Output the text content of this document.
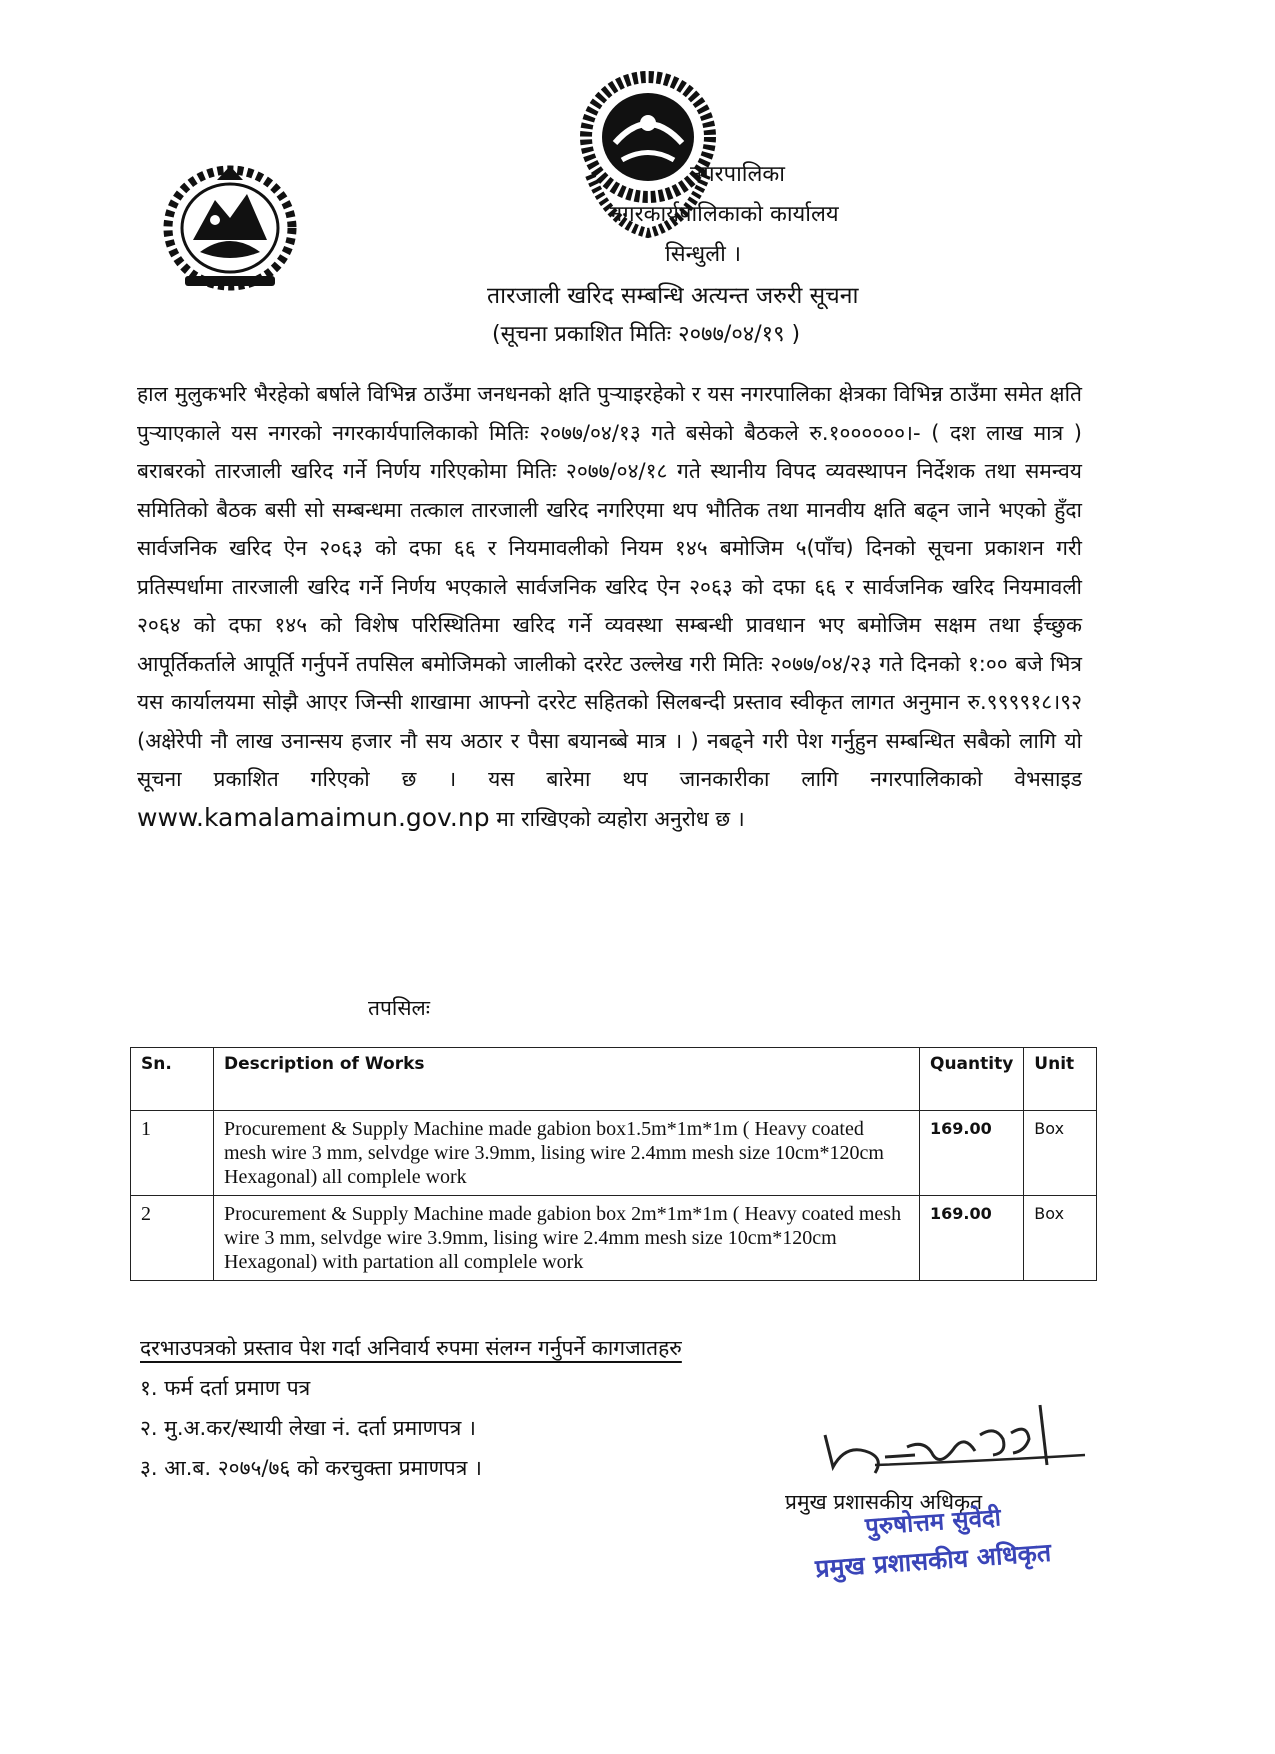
नगरपालिका
नगरकार्यपालिकाको कार्यालय
सिन्धुली ।
तारजाली खरिद सम्बन्धि अत्यन्त जरुरी सूचना
(सूचना प्रकाशित मितिः २०७७/०४/१९ )
हाल मुलुकभरि भैरहेको बर्षाले विभिन्न ठाउँमा जनधनको क्षति पुऱ्याइरहेको र यस नगरपालिका क्षेत्रका विभिन्न ठाउँमा समेत क्षति पुऱ्याएकाले यस नगरको नगरकार्यपालिकाको मितिः २०७७/०४/१३ गते बसेको बैठकले रु.१००००००।- ( दश लाख मात्र ) बराबरको तारजाली खरिद गर्ने निर्णय गरिएकोमा मितिः २०७७/०४/१८ गते स्थानीय विपद व्यवस्थापन निर्देशक तथा समन्वय समितिको बैठक बसी सो सम्बन्धमा तत्काल तारजाली खरिद नगरिएमा थप भौतिक तथा मानवीय क्षति बढ्न जाने भएको हुँदा सार्वजनिक खरिद ऐन २०६३ को दफा ६६ र नियमावलीको नियम १४५ बमोजिम ५(पाँच) दिनको सूचना प्रकाशन गरी प्रतिस्पर्धामा तारजाली खरिद गर्ने निर्णय भएकाले सार्वजनिक खरिद ऐन २०६३ को दफा ६६ र सार्वजनिक खरिद नियमावली २०६४ को दफा १४५ को विशेष परिस्थितिमा खरिद गर्ने व्यवस्था सम्बन्धी प्रावधान भए बमोजिम सक्षम तथा ईच्छुक आपूर्तिकर्ताले आपूर्ति गर्नुपर्ने तपसिल बमोजिमको जालीको दररेट उल्लेख गरी मितिः २०७७/०४/२३ गते दिनको १:०० बजे भित्र यस कार्यालयमा सोझै आएर जिन्सी शाखामा आफ्नो दररेट सहितको सिलबन्दी प्रस्ताव स्वीकृत लागत अनुमान रु.९९९९१८।९२ (अक्षेरेपी नौ लाख उनान्सय हजार नौ सय अठार र पैसा बयानब्बे मात्र । ) नबढ्ने गरी पेश गर्नुहुन सम्बन्धित सबैको लागि यो सूचना प्रकाशित गरिएको छ । यस बारेमा थप जानकारीका लागि नगरपालिकाको वेभसाइड www.kamalamaimun.gov.np मा राखिएको व्यहोरा अनुरोध छ ।
तपसिलः
Sn.	Description of Works	Quantity	Unit
1	Procurement & Supply Machine made gabion box1.5m*1m*1m ( Heavy coated mesh wire 3 mm, selvdge wire 3.9mm, lising wire 2.4mm mesh size 10cm*120cm Hexagonal) all complele work	169.00	Box
2	Procurement & Supply Machine made gabion box 2m*1m*1m ( Heavy coated mesh wire 3 mm, selvdge wire 3.9mm, lising wire 2.4mm mesh size 10cm*120cm Hexagonal) with partation all complele work	169.00	Box
दरभाउपत्रको प्रस्ताव पेश गर्दा अनिवार्य रुपमा संलग्न गर्नुपर्ने कागजातहरु
१. फर्म दर्ता प्रमाण पत्र
२. मु.अ.कर/स्थायी लेखा नं. दर्ता प्रमाणपत्र ।
३. आ.ब. २०७५/७६ को करचुक्ता प्रमाणपत्र ।
प्रमुख प्रशासकीय अधिकृत
पुरुषोत्तम सुवेदी
प्रमुख प्रशासकीय अधिकृत
